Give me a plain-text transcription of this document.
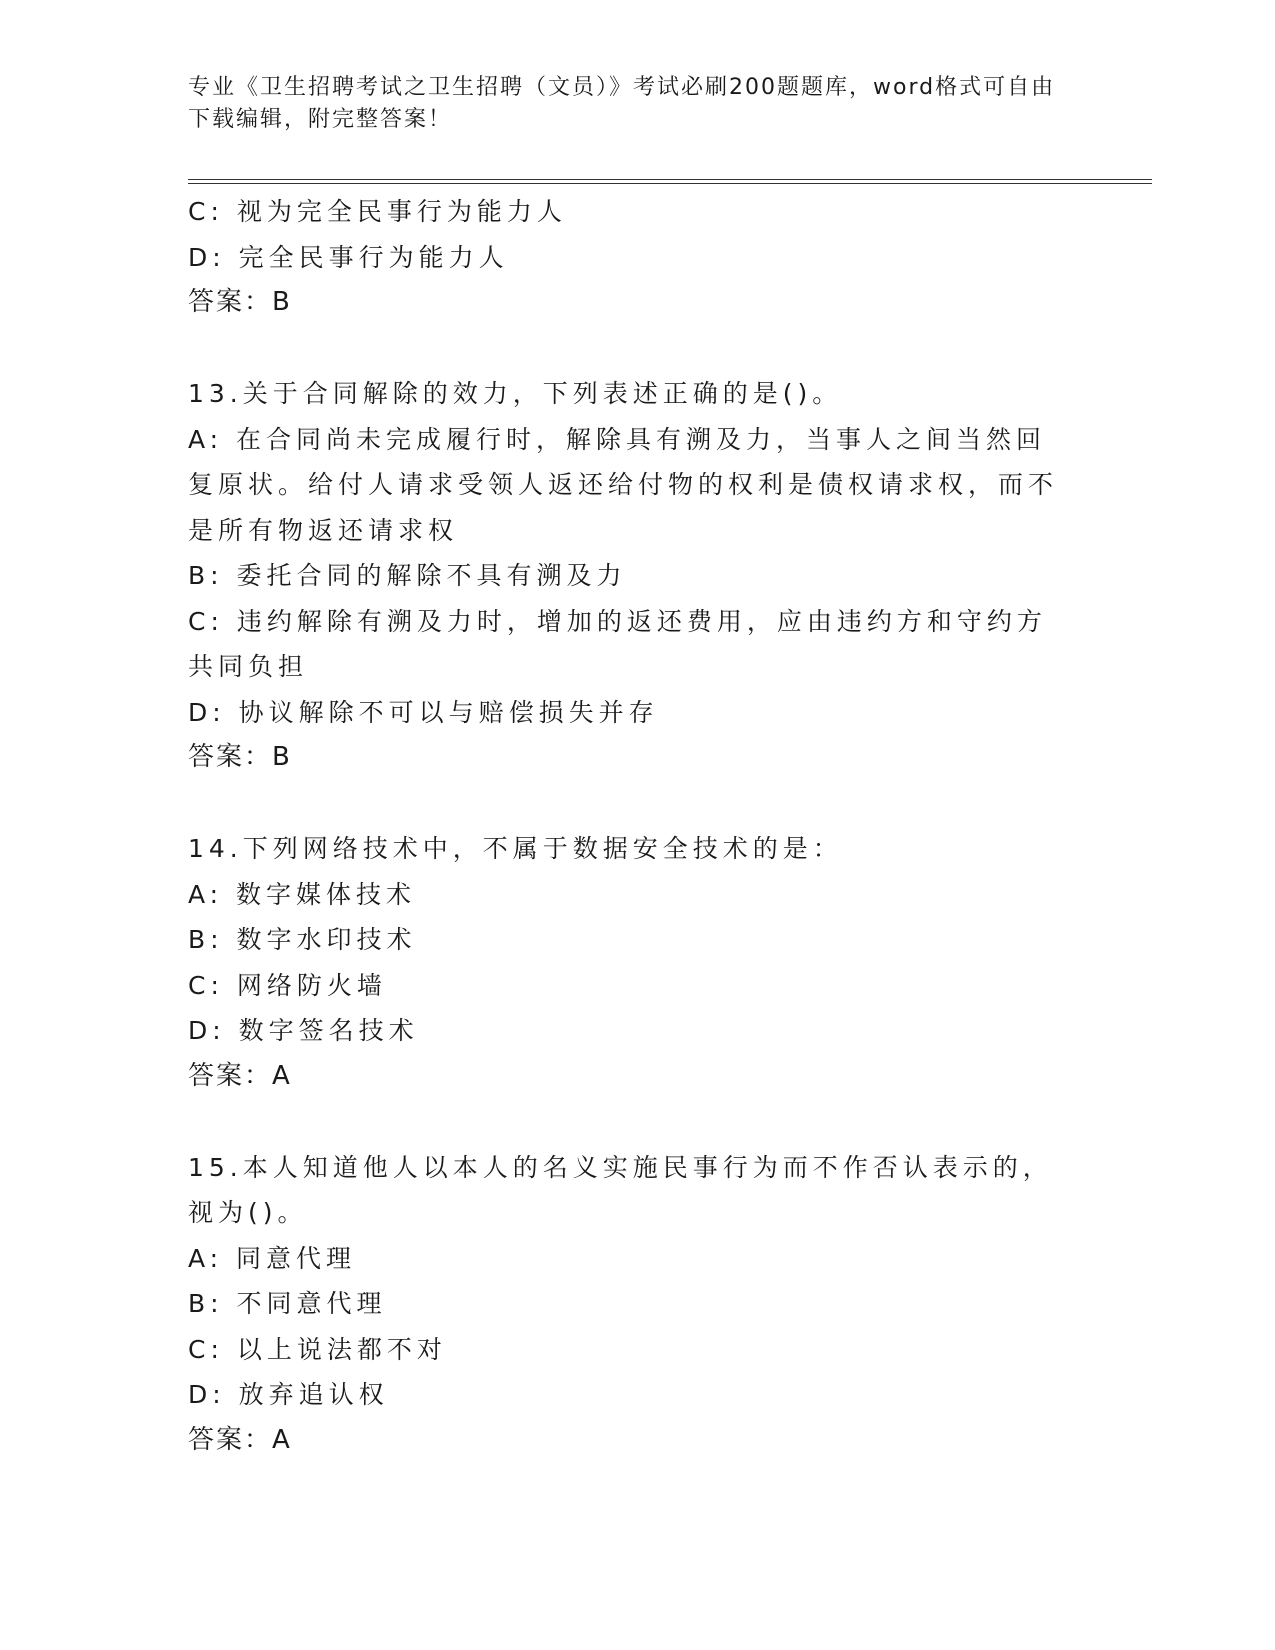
专业《卫生招聘考试之卫生招聘（文员）》考试必刷200题题库，word格式可自由下载编辑，附完整答案！
C: 视为完全民事行为能力人
D: 完全民事行为能力人
答案：B
13.关于合同解除的效力，下列表述正确的是()。
A: 在合同尚未完成履行时，解除具有溯及力，当事人之间当然回复原状。给付人请求受领人返还给付物的权利是债权请求权，而不是所有物返还请求权
B: 委托合同的解除不具有溯及力
C: 违约解除有溯及力时，增加的返还费用，应由违约方和守约方共同负担
D: 协议解除不可以与赔偿损失并存
答案：B
14.下列网络技术中，不属于数据安全技术的是：
A: 数字媒体技术
B: 数字水印技术
C: 网络防火墙
D: 数字签名技术
答案：A
15.本人知道他人以本人的名义实施民事行为而不作否认表示的，视为()。
A: 同意代理
B: 不同意代理
C: 以上说法都不对
D: 放弃追认权
答案：A
